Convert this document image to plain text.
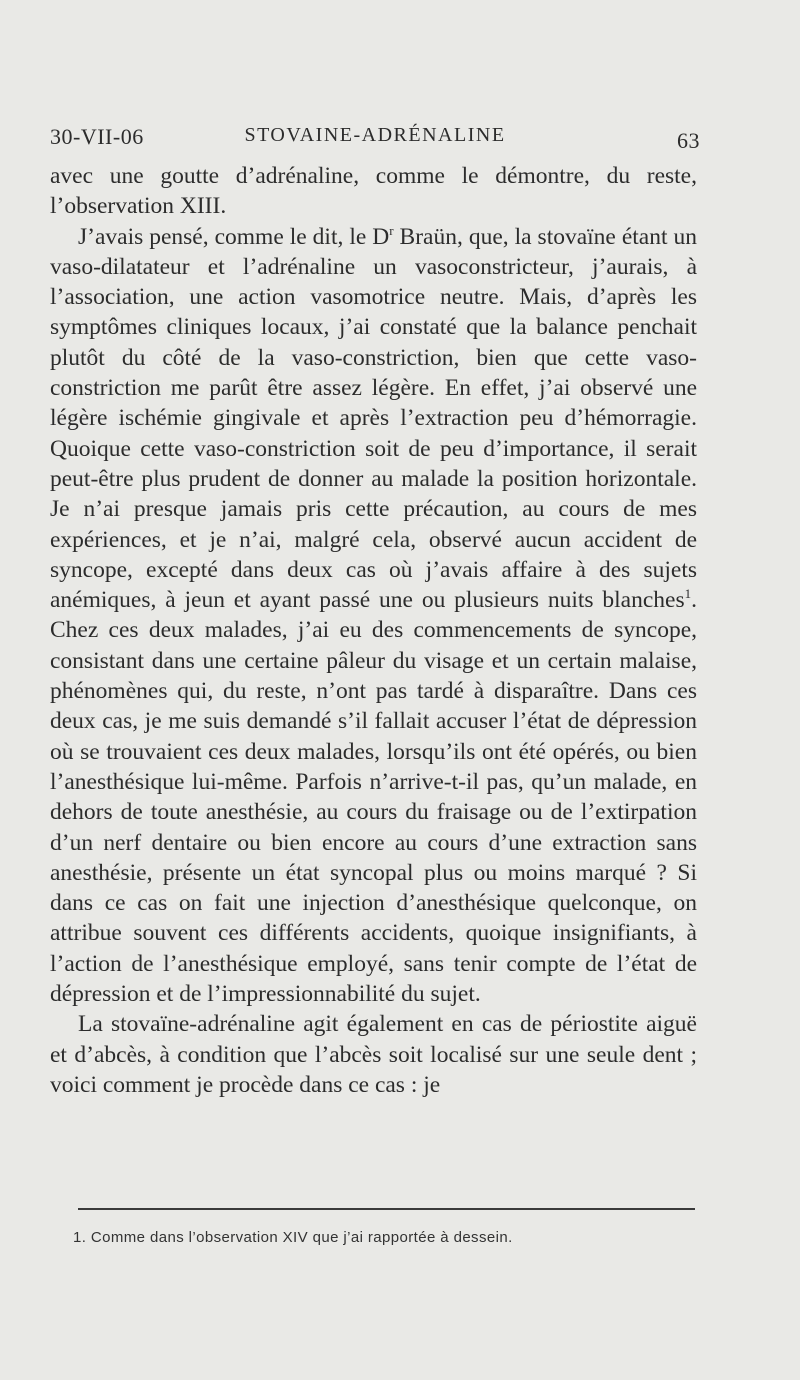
30-VII-06	STOVAINE-ADRÉNALINE	63

avec une goutte d’adrénaline, comme le démontre, du reste, l’observation XIII.

J’avais pensé, comme le dit, le $D^r$ Braün, que, la stovaïne étant un vaso-dilatateur et l’adrénaline un vasoconstricteur, j’aurais, à l’association, une action vasomotrice neutre. Mais, d’après les symptômes cliniques locaux, j’ai constaté que la balance penchait plutôt du côté de la vaso-constriction, bien que cette vaso-constriction me parût être assez légère. En effet, j’ai observé une légère ischémie gingivale et après l’extraction peu d’hémorragie. Quoique cette vaso-constriction soit de peu d’importance, il serait peut-être plus prudent de donner au malade la position horizontale. Je n’ai presque jamais pris cette précaution, au cours de mes expériences, et je n’ai, malgré cela, observé aucun accident de syncope, excepté dans deux cas où j’avais affaire à des sujets anémiques, à jeun et ayant passé une ou plusieurs nuits blanches$^1$. Chez ces deux malades, j’ai eu des commencements de syncope, consistant dans une certaine pâleur du visage et un certain malaise, phénomènes qui, du reste, n’ont pas tardé à disparaître. Dans ces deux cas, je me suis demandé s’il fallait accuser l’état de dépression où se trouvaient ces deux malades, lorsqu’ils ont été opérés, ou bien l’anesthésique lui-même. Parfois n’arrive-t-il pas, qu’un malade, en dehors de toute anesthésie, au cours du fraisage ou de l’extirpation d’un nerf dentaire ou bien encore au cours d’une extraction sans anesthésie, présente un état syncopal plus ou moins marqué ? Si dans ce cas on fait une injection d’anesthésique quelconque, on attribue souvent ces différents accidents, quoique insignifiants, à l’action de l’anesthésique employé, sans tenir compte de l’état de dépression et de l’impressionnabilité du sujet.

La stovaïne-adrénaline agit également en cas de périostite aiguë et d’abcès, à condition que l’abcès soit localisé sur une seule dent ; voici comment je procède dans ce cas : je

1. Comme dans l’observation XIV que j’ai rapportée à dessein.
